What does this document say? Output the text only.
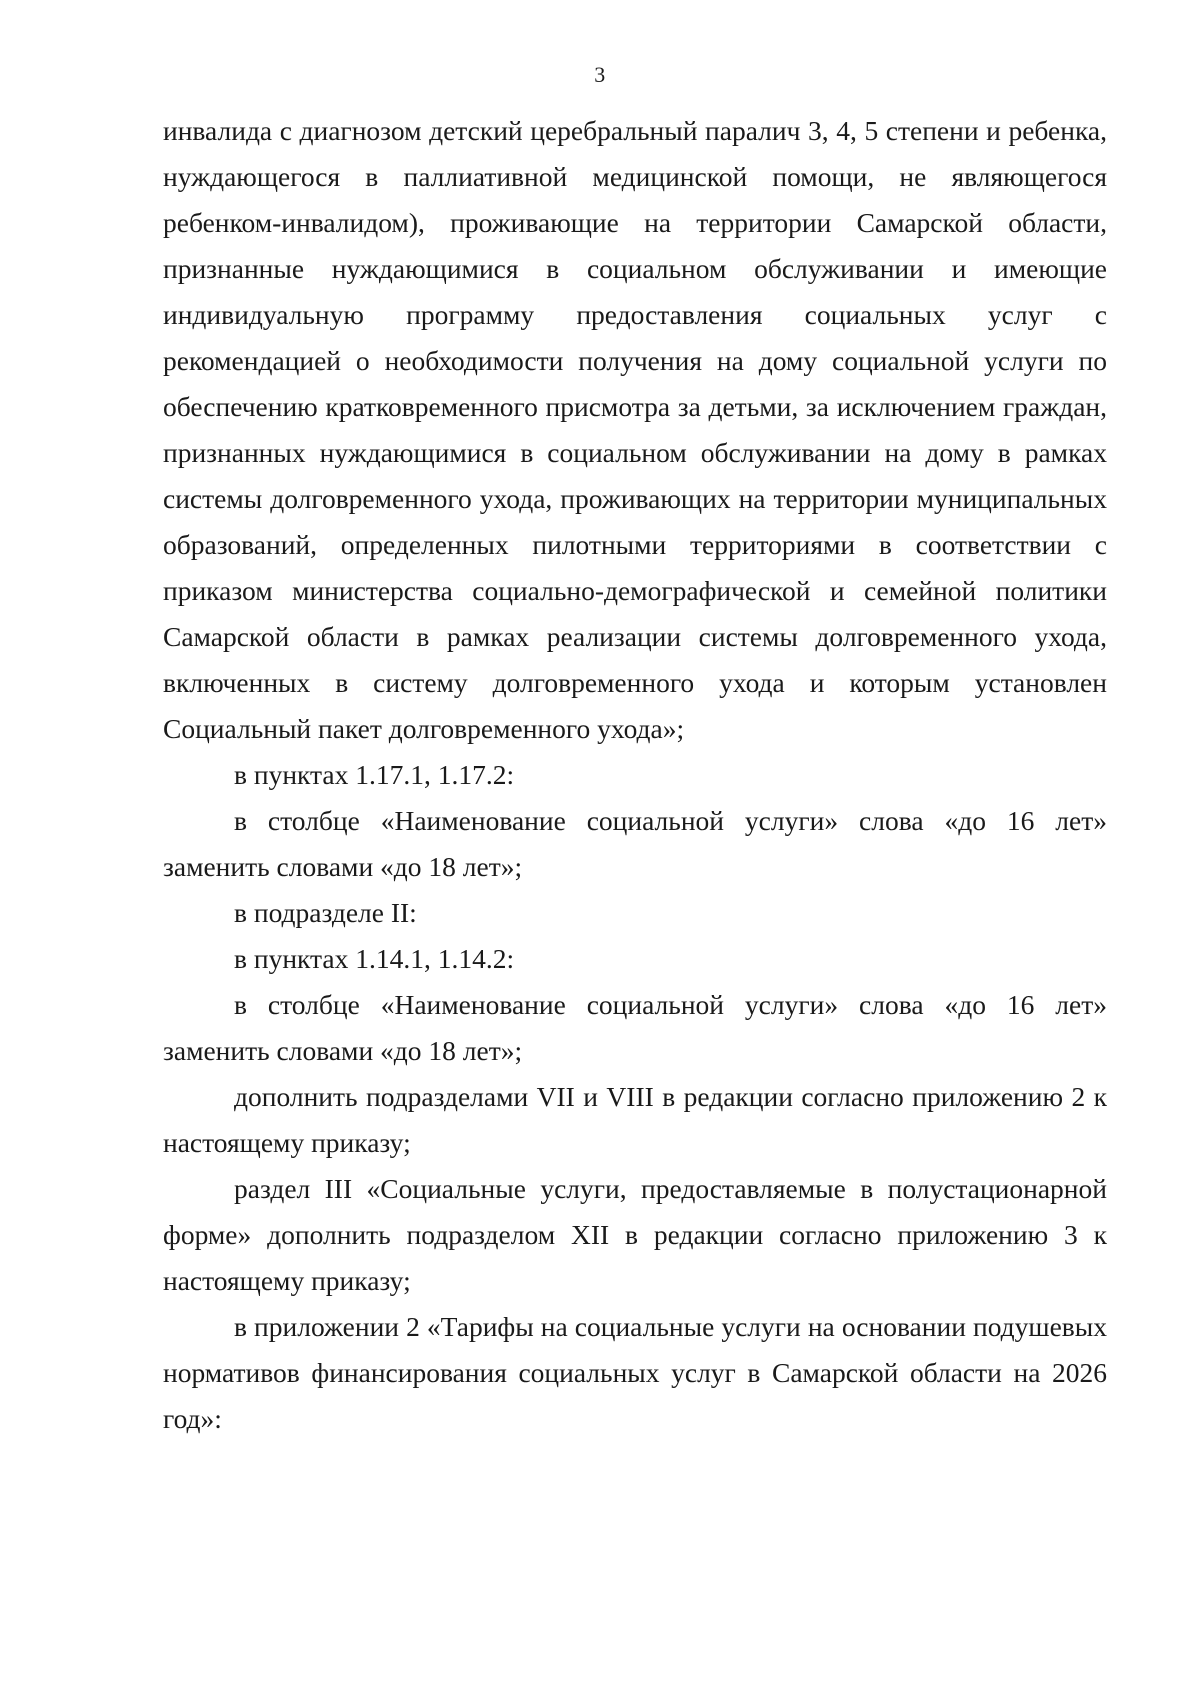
3

инвалида с диагнозом детский церебральный паралич 3, 4, 5 степени и ребенка, нуждающегося в паллиативной медицинской помощи, не являющегося ребенком-инвалидом), проживающие на территории Самарской области, признанные нуждающимися в социальном обслуживании и имеющие индивидуальную программу предоставления социальных услуг с рекомендацией о необходимости получения на дому социальной услуги по обеспечению кратковременного присмотра за детьми, за исключением граждан, признанных нуждающимися в социальном обслуживании на дому в рамках системы долговременного ухода, проживающих на территории муниципальных образований, определенных пилотными территориями в соответствии с приказом министерства социально-демографической и семейной политики Самарской области в рамках реализации системы долговременного ухода, включенных в систему долговременного ухода и которым установлен Социальный пакет долговременного ухода»;

в пунктах 1.17.1, 1.17.2:

в столбце «Наименование социальной услуги» слова «до 16 лет» заменить словами «до 18 лет»;

в подразделе II:

в пунктах 1.14.1, 1.14.2:

в столбце «Наименование социальной услуги» слова «до 16 лет» заменить словами «до 18 лет»;

дополнить подразделами VII и VIII в редакции согласно приложению 2 к настоящему приказу;

раздел III «Социальные услуги, предоставляемые в полустационарной форме» дополнить подразделом XII в редакции согласно приложению 3 к настоящему приказу;

в приложении 2 «Тарифы на социальные услуги на основании подушевых нормативов финансирования социальных услуг в Самарской области на 2026 год»:
